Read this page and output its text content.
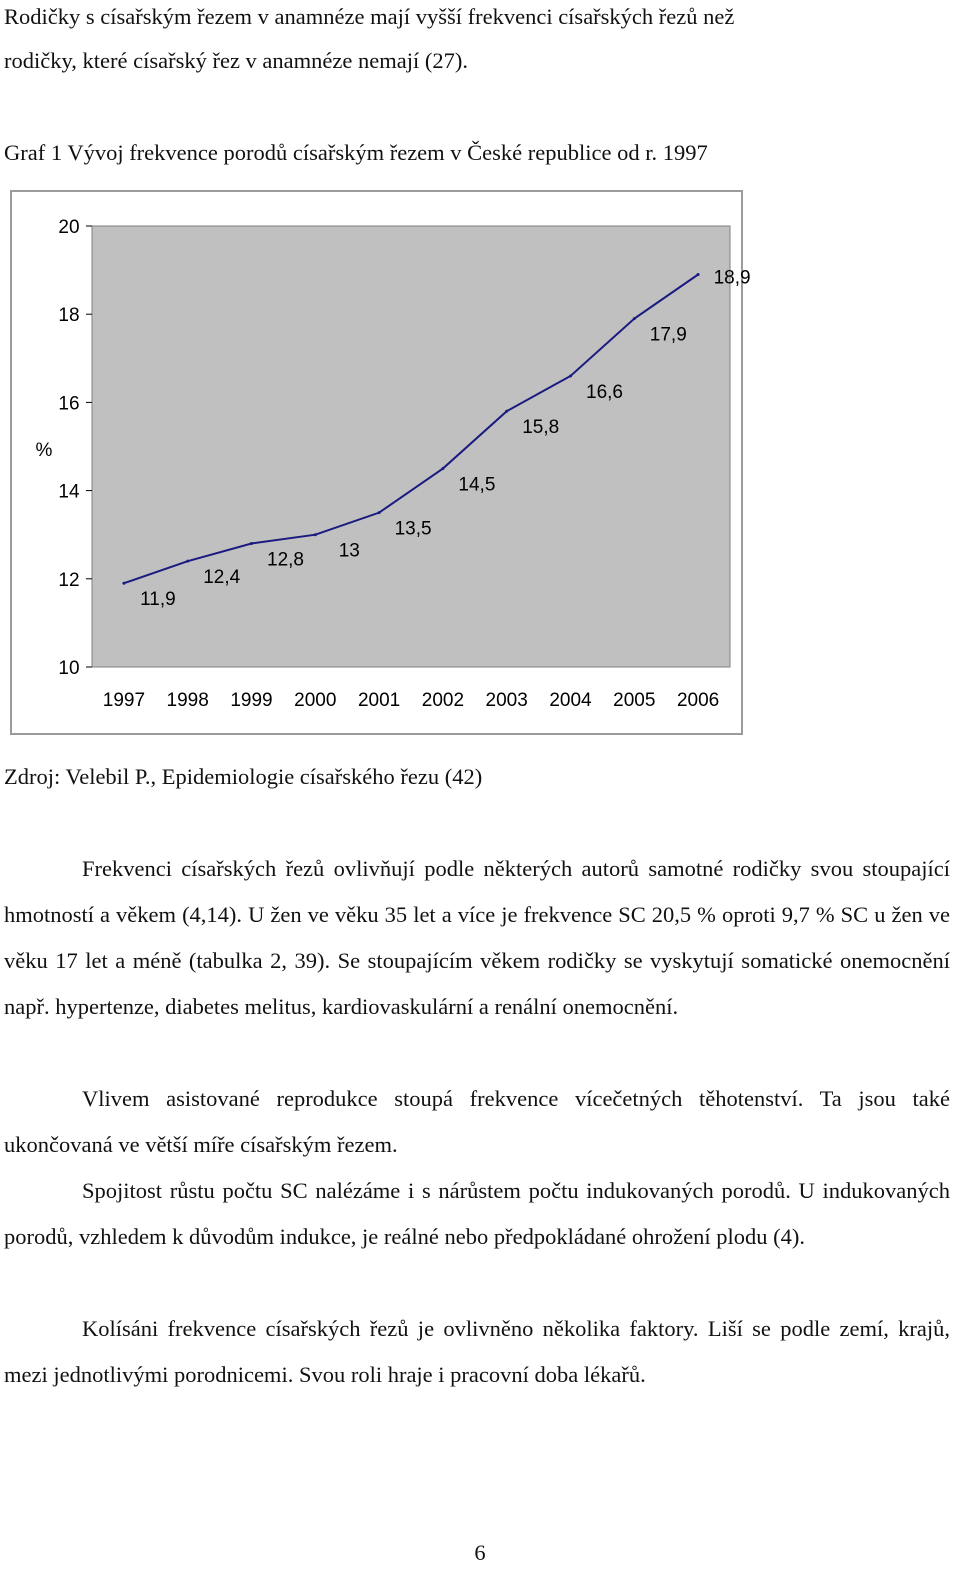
Rodičky s císařským řezem v anamnéze mají vyšší frekvenci císařských řezů než
rodičky, které císařský řez v anamnéze nemají (27).
Graf 1 Vývoj frekvence porodů císařským řezem v České republice od r. 1997
10
12
14
16
18
20
%
1997 1998 1999 2000 2001 2002 2003 2004 2005 2006
11,9
12,4
12,8 13
13,5
14,5
15,8
16,6
17,9
18,9
Zdroj: Velebil P., Epidemiologie císařského řezu (42)

Frekvenci císařských řezů ovlivňují podle některých autorů samotné rodičky svou stoupající hmotností a věkem (4,14). U žen ve věku 35 let a více je frekvence SC 20,5 % oproti 9,7 % SC u žen ve věku 17 let a méně (tabulka 2, 39). Se stoupajícím věkem rodičky se vyskytují somatické onemocnění např. hypertenze, diabetes melitus, kardiovaskulární a renální onemocnění.

Vlivem asistované reprodukce stoupá frekvence vícečetných těhotenství. Ta jsou také ukončovaná ve větší míře císařským řezem.

Spojitost růstu počtu SC nalézáme i s nárůstem počtu indukovaných porodů. U indukovaných porodů, vzhledem k důvodům indukce, je reálné nebo předpokládané ohrožení plodu (4).

Kolísáni frekvence císařských řezů je ovlivněno několika faktory. Liší se podle zemí, krajů, mezi jednotlivými porodnicemi. Svou roli hraje i pracovní doba lékařů.

6
